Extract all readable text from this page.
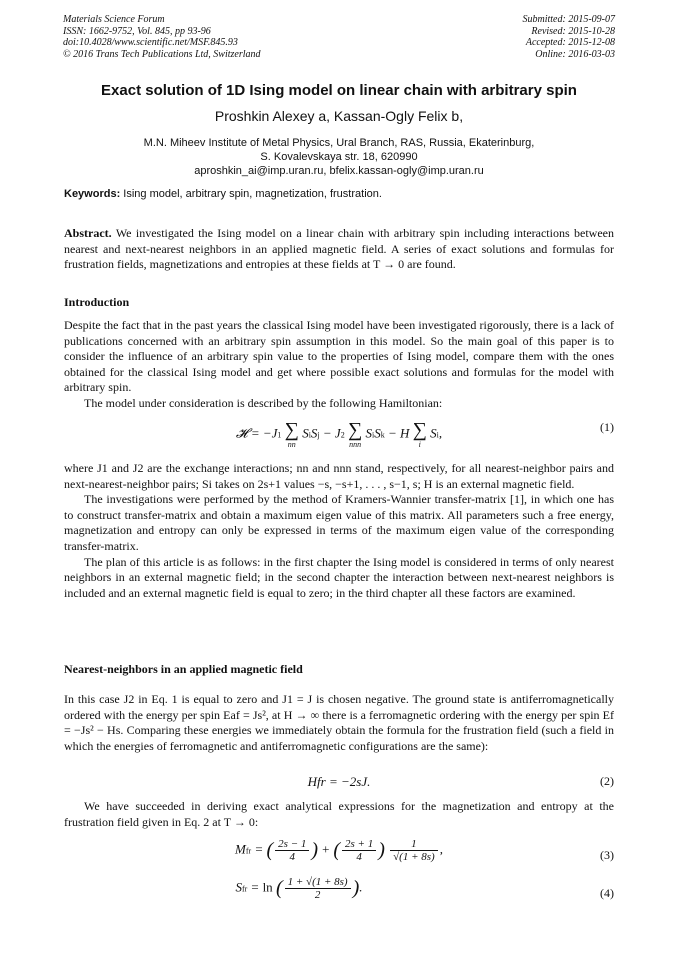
Materials Science Forum
ISSN: 1662-9752, Vol. 845, pp 93-96
doi:10.4028/www.scientific.net/MSF.845.93
© 2016 Trans Tech Publications Ltd, Switzerland
Submitted: 2015-09-07
Revised: 2015-10-28
Accepted: 2015-12-08
Online: 2016-03-03
Exact solution of 1D Ising model on linear chain with arbitrary spin
Proshkin Alexey a, Kassan-Ogly Felix b,
M.N. Miheev Institute of Metal Physics, Ural Branch, RAS, Russia, Ekaterinburg,
S. Kovalevskaya str. 18, 620990
aproshkin_ai@imp.uran.ru, bfelix.kassan-ogly@imp.uran.ru
Keywords: Ising model, arbitrary spin, magnetization, frustration.

Abstract. We investigated the Ising model on a linear chain with arbitrary spin including interactions between nearest and next-nearest neighbors in an applied magnetic field. A series of exact solutions and formulas for frustration fields, magnetizations and entropies at these fields at T → 0 are found.

Introduction

Despite the fact that in the past years the classical Ising model have been investigated rigorously, there is a lack of publications concerned with an arbitrary spin assumption in this model. So the main goal of this paper is to consider the influence of an arbitrary spin value to the properties of Ising model, compare them with the ones obtained for the classical Ising model and get where possible exact solutions and formulas for the model with arbitrary spin.

The model under consideration is described by the following Hamiltonian:

𝓗 = −J1 ∑
nn
SiSj − J2 ∑
nnn
SiSk − H ∑
i
Si,	(1)

where J1 and J2 are the exchange interactions; nn and nnn stand, respectively, for all nearest-neighbor pairs and next-nearest-neighbor pairs; Si takes on 2s+1 values −s, −s+1, . . . , s−1, s; H is an external magnetic field.

The investigations were performed by the method of Kramers-Wannier transfer-matrix [1], in which one has to construct transfer-matrix and obtain a maximum eigen value of this matrix. All parameters such a free energy, magnetization and entropy can only be expressed in terms of the maximum eigen value of the corresponding transfer-matrix.

The plan of this article is as follows: in the first chapter the Ising model is considered in terms of only nearest neighbors in an external magnetic field; in the second chapter the interaction between next-nearest neighbors is included and an external magnetic field is equal to zero; in the third chapter all these factors are examined.

Nearest-neighbors in an applied magnetic field

In this case J2 in Eq. 1 is equal to zero and J1 = J is chosen negative. The ground state is antiferromagnetically ordered with the energy per spin Eaf = Js², at H → ∞ there is a ferromagnetic ordering with the energy per spin Ef = −Js² − Hs. Comparing these energies we immediately obtain the formula for the frustration field (such a field in which the energies of ferromagnetic and antiferromagnetic configurations are the same):

Hfr = −2sJ.	(2)

We have succeeded in deriving exact analytical expressions for the magnetization and entropy at the frustration field given in Eq. 2 at T → 0:

Mfr = ( $\frac{2s - 1}{4}$ ) + ( $\frac{2s + 1}{4}$ ) $\frac{1}{√(1 + 8s)}$ ,	(3)
Sfr = ln ( $\frac{1 + √(1 + 8s)}{2}$ ).	(4)
